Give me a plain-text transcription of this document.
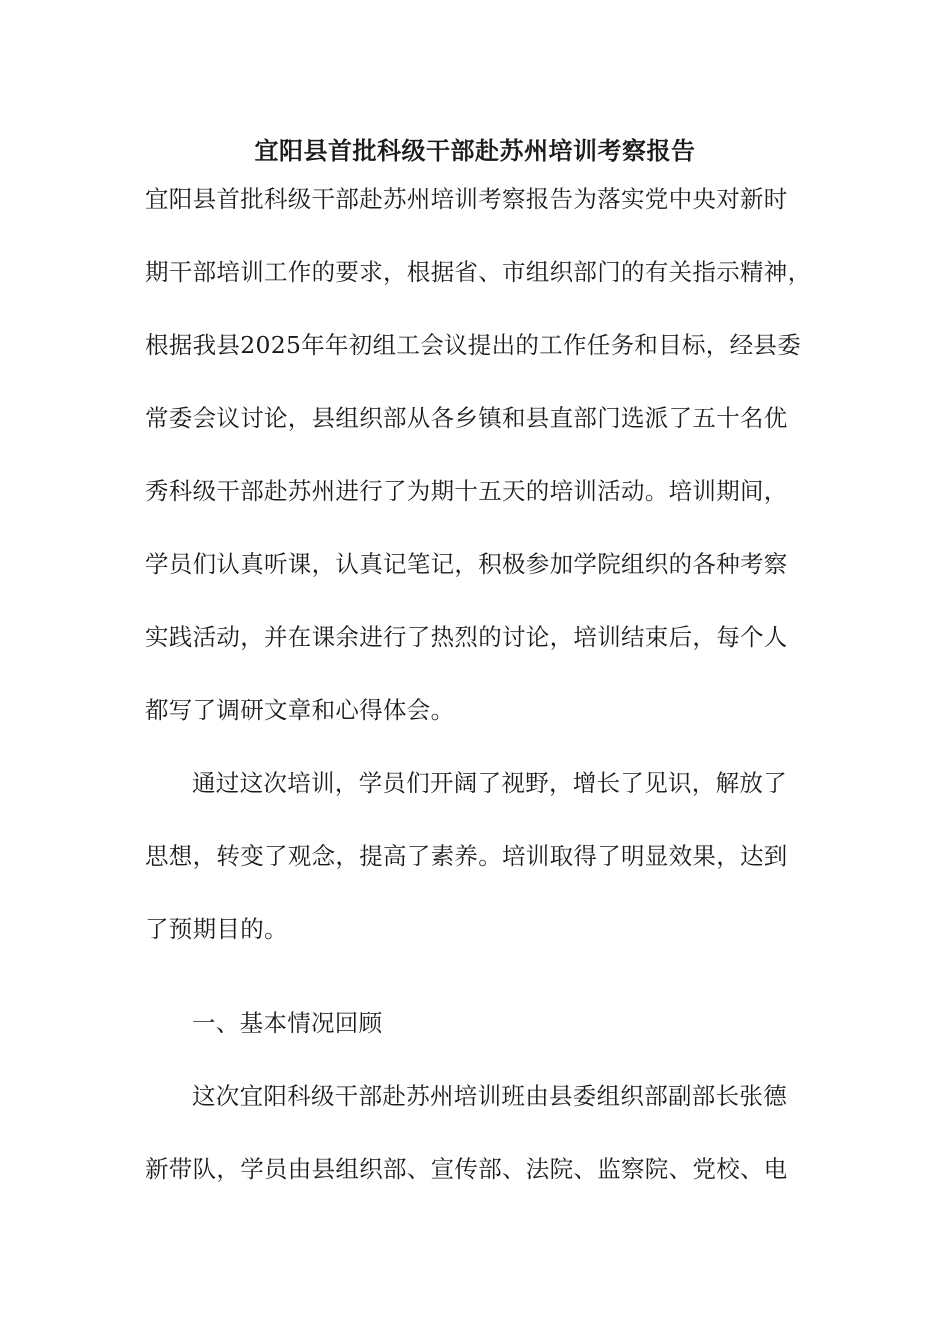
宜阳县首批科级干部赴苏州培训考察报告
宜阳县首批科级干部赴苏州培训考察报告为落实党中央对新时
期干部培训工作的要求，根据省、市组织部门的有关指示精神，
根据我县2025年年初组工会议提出的工作任务和目标，经县委
常委会议讨论，县组织部从各乡镇和县直部门选派了五十名优
秀科级干部赴苏州进行了为期十五天的培训活动。培训期间，
学员们认真听课，认真记笔记，积极参加学院组织的各种考察
实践活动，并在课余进行了热烈的讨论，培训结束后，每个人
都写了调研文章和心得体会。
通过这次培训，学员们开阔了视野，增长了见识，解放了
思想，转变了观念，提高了素养。培训取得了明显效果，达到
了预期目的。
一、基本情况回顾
这次宜阳科级干部赴苏州培训班由县委组织部副部长张德
新带队，学员由县组织部、宣传部、法院、监察院、党校、电
